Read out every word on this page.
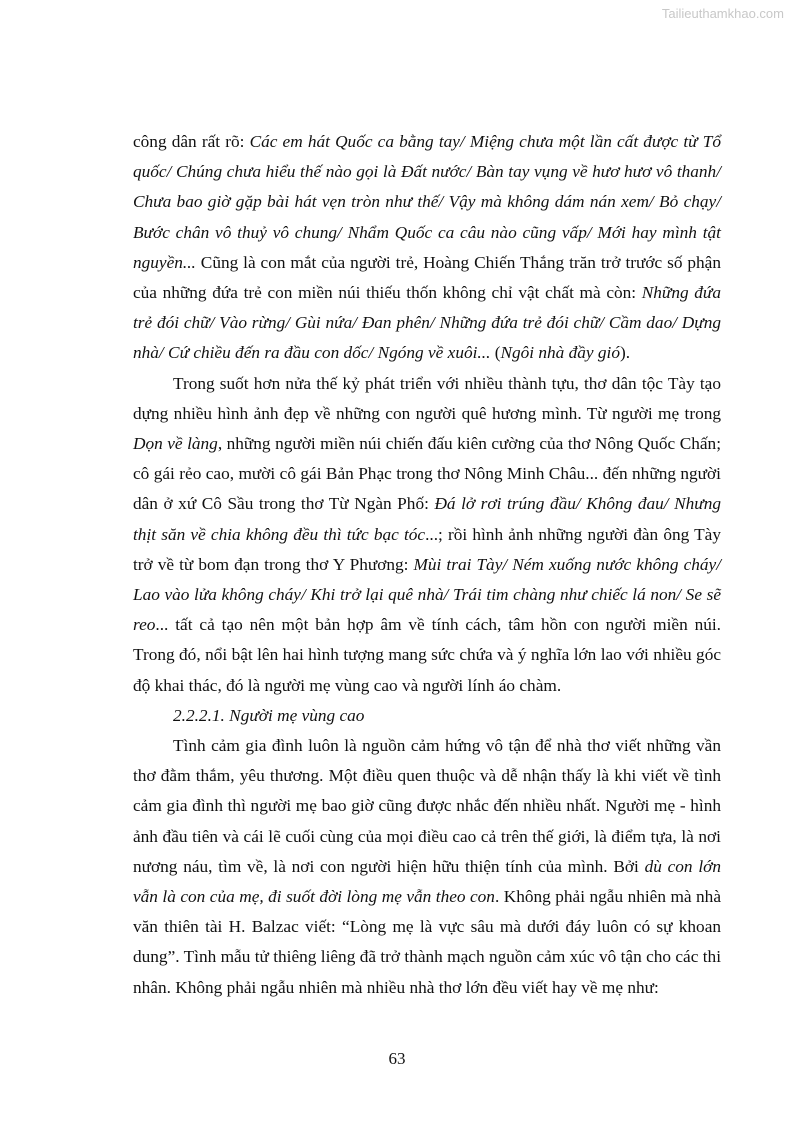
Tailieuthamkhao.com

công dân rất rõ: Các em hát Quốc ca bằng tay/ Miệng chưa một lần cất được từ Tổ quốc/ Chúng chưa hiểu thế nào gọi là Đất nước/ Bàn tay vụng về hươ hươ vô thanh/ Chưa bao giờ gặp bài hát vẹn tròn như thế/ Vậy mà không dám nán xem/ Bỏ chạy/ Bước chân vô thuỷ vô chung/ Nhẩm Quốc ca câu nào cũng vấp/ Mới hay mình tật nguyền... Cũng là con mắt của người trẻ, Hoàng Chiến Thắng trăn trở trước số phận của những đứa trẻ con miền núi thiếu thốn không chỉ vật chất mà còn: Những đứa trẻ đói chữ/ Vào rừng/ Gùi nứa/ Đan phên/ Những đứa trẻ đói chữ/ Cầm dao/ Dựng nhà/ Cứ chiều đến ra đầu con dốc/ Ngóng về xuôi... (Ngôi nhà đầy gió).

Trong suốt hơn nửa thế kỷ phát triển với nhiều thành tựu, thơ dân tộc Tày tạo dựng nhiều hình ảnh đẹp về những con người quê hương mình. Từ người mẹ trong Dọn về làng, những người miền núi chiến đấu kiên cường của thơ Nông Quốc Chấn; cô gái rẻo cao, mười cô gái Bản Phạc trong thơ Nông Minh Châu... đến những người dân ở xứ Cô Sầu trong thơ Từ Ngàn Phố: Đá lở rơi trúng đầu/ Không đau/ Nhưng thịt săn về chia không đều thì tức bạc tóc...; rồi hình ảnh những người đàn ông Tày trở về từ bom đạn trong thơ Y Phương: Mùi trai Tày/ Ném xuống nước không cháy/ Lao vào lửa không cháy/ Khi trở lại quê nhà/ Trái tim chàng như chiếc lá non/ Se sẽ reo... tất cả tạo nên một bản hợp âm về tính cách, tâm hồn con người miền núi. Trong đó, nổi bật lên hai hình tượng mang sức chứa và ý nghĩa lớn lao với nhiều góc độ khai thác, đó là người mẹ vùng cao và người lính áo chàm.

2.2.2.1. Người mẹ vùng cao

Tình cảm gia đình luôn là nguồn cảm hứng vô tận để nhà thơ viết những vần thơ đằm thắm, yêu thương. Một điều quen thuộc và dễ nhận thấy là khi viết về tình cảm gia đình thì người mẹ bao giờ cũng được nhắc đến nhiều nhất. Người mẹ - hình ảnh đầu tiên và cái lẽ cuối cùng của mọi điều cao cả trên thế giới, là điểm tựa, là nơi nương náu, tìm về, là nơi con người hiện hữu thiện tính của mình. Bởi dù con lớn vẫn là con của mẹ, đi suốt đời lòng mẹ vẫn theo con. Không phải ngẫu nhiên mà nhà văn thiên tài H. Balzac viết: “Lòng mẹ là vực sâu mà dưới đáy luôn có sự khoan dung”. Tình mẫu tử thiêng liêng đã trở thành mạch nguồn cảm xúc vô tận cho các thi nhân. Không phải ngẫu nhiên mà nhiều nhà thơ lớn đều viết hay về mẹ như:

63
